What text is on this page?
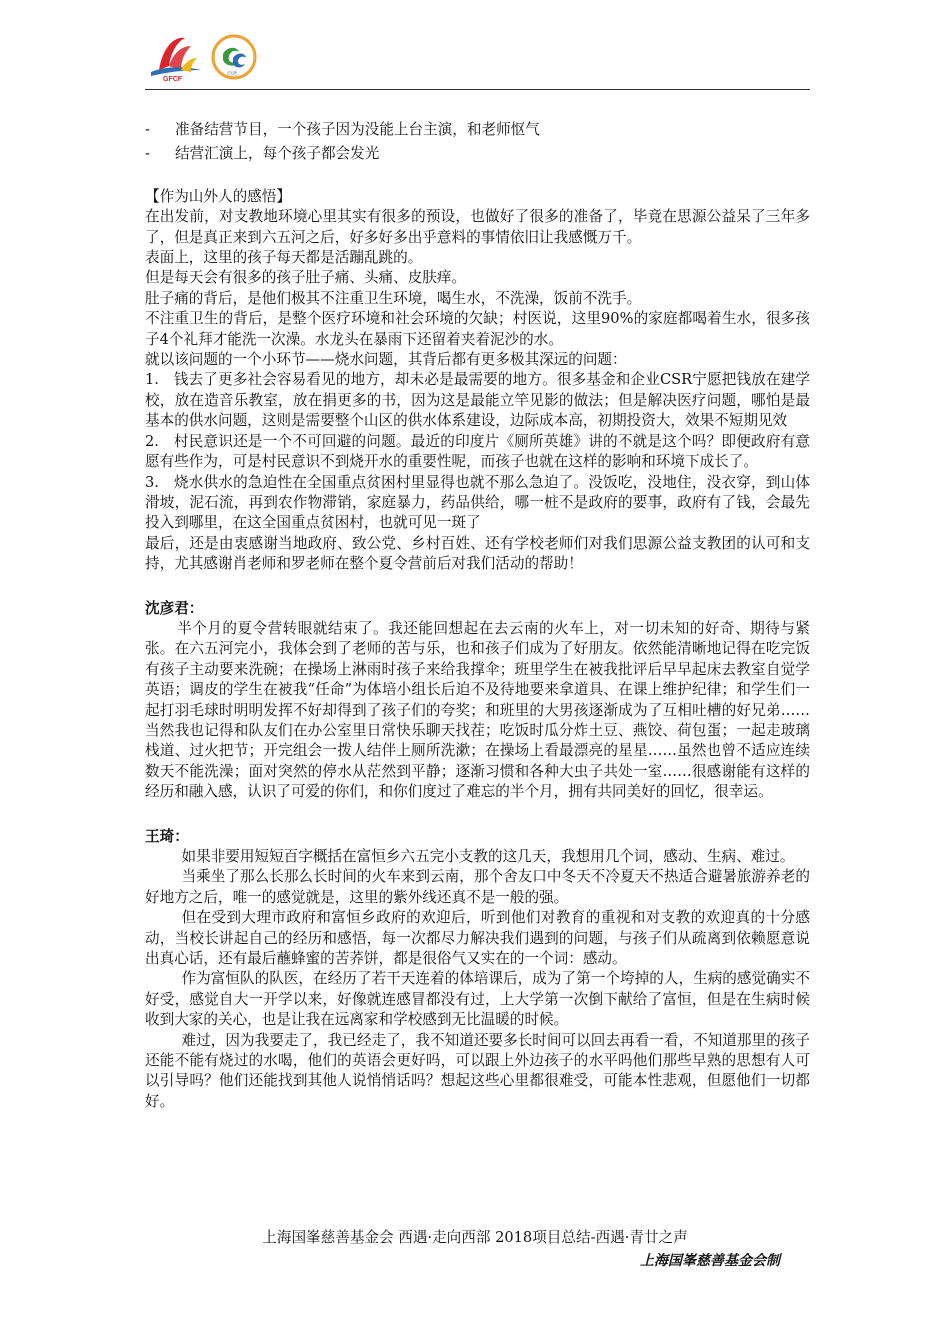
GFCF
西遇

- 准备结营节目，一个孩子因为没能上台主演，和老师怄气

- 结营汇演上，每个孩子都会发光

【作为山外人的感悟】

在出发前，对支教地环境心里其实有很多的预设，也做好了很多的准备了，毕竟在思源公益呆了三年多了，但是真正来到六五河之后，好多好多出乎意料的事情依旧让我感慨万千。

表面上，这里的孩子每天都是活蹦乱跳的。

但是每天会有很多的孩子肚子痛、头痛、皮肤痒。

肚子痛的背后，是他们极其不注重卫生环境，喝生水，不洗澡，饭前不洗手。

不注重卫生的背后，是整个医疗环境和社会环境的欠缺；村医说，这里90%的家庭都喝着生水，很多孩子4个礼拜才能洗一次澡。水龙头在暴雨下还留着夹着泥沙的水。

就以该问题的一个小环节——烧水问题，其背后都有更多极其深远的问题：

1.　钱去了更多社会容易看见的地方，却未必是最需要的地方。很多基金和企业CSR宁愿把钱放在建学校，放在造音乐教室，放在捐更多的书，因为这是最能立竿见影的做法；但是解决医疗问题，哪怕是最基本的供水问题，这则是需要整个山区的供水体系建设，边际成本高，初期投资大，效果不短期见效

2.　村民意识还是一个不可回避的问题。最近的印度片《厕所英雄》讲的不就是这个吗？即便政府有意愿有些作为，可是村民意识不到烧开水的重要性呢，而孩子也就在这样的影响和环境下成长了。

3.　烧水供水的急迫性在全国重点贫困村里显得也就不那么急迫了。没饭吃，没地住，没衣穿，到山体滑坡，泥石流，再到农作物滞销，家庭暴力，药品供给，哪一桩不是政府的要事，政府有了钱，会最先投入到哪里，在这全国重点贫困村，也就可见一斑了

最后，还是由衷感谢当地政府、致公党、乡村百姓、还有学校老师们对我们思源公益支教团的认可和支持，尤其感谢肖老师和罗老师在整个夏令营前后对我们活动的帮助！

沈彦君：

半个月的夏令营转眼就结束了。我还能回想起在去云南的火车上，对一切未知的好奇、期待与紧张。在六五河完小，我体会到了老师的苦与乐，也和孩子们成为了好朋友。依然能清晰地记得在吃完饭有孩子主动要来洗碗；在操场上淋雨时孩子来给我撑伞；班里学生在被我批评后早早起床去教室自觉学英语；调皮的学生在被我“任命”为体培小组长后迫不及待地要来拿道具、在课上维护纪律；和学生们一起打羽毛球时明明发挥不好却得到了孩子们的夸奖；和班里的大男孩逐渐成为了互相吐槽的好兄弟……当然我也记得和队友们在办公室里日常快乐聊天找茬；吃饭时瓜分炸土豆、燕饺、荷包蛋；一起走玻璃栈道、过火把节；开完组会一拨人结伴上厕所洗漱；在操场上看最漂亮的星星……虽然也曾不适应连续数天不能洗澡；面对突然的停水从茫然到平静；逐渐习惯和各种大虫子共处一室……很感谢能有这样的经历和融入感，认识了可爱的你们，和你们度过了难忘的半个月，拥有共同美好的回忆，很幸运。

王琦：

如果非要用短短百字概括在富恒乡六五完小支教的这几天，我想用几个词，感动、生病、难过。

当乘坐了那么长那么长时间的火车来到云南，那个舍友口中冬天不冷夏天不热适合避暑旅游养老的好地方之后，唯一的感觉就是，这里的紫外线还真不是一般的强。

但在受到大理市政府和富恒乡政府的欢迎后，听到他们对教育的重视和对支教的欢迎真的十分感动，当校长讲起自己的经历和感悟，每一次都尽力解决我们遇到的问题，与孩子们从疏离到依赖愿意说出真心话，还有最后蘸蜂蜜的苦荞饼，都是很俗气又实在的一个词：感动。

作为富恒队的队医，在经历了若干天连着的体培课后，成为了第一个垮掉的人，生病的感觉确实不好受，感觉自大一开学以来，好像就连感冒都没有过，上大学第一次倒下献给了富恒，但是在生病时候收到大家的关心，也是让我在远离家和学校感到无比温暖的时候。

难过，因为我要走了，我已经走了，我不知道还要多长时间可以回去再看一看，不知道那里的孩子还能不能有烧过的水喝，他们的英语会更好吗，可以跟上外边孩子的水平吗他们那些早熟的思想有人可以引导吗？他们还能找到其他人说悄悄话吗？想起这些心里都很难受，可能本性悲观，但愿他们一切都好。

上海国峯慈善基金会 西遇·走向西部 2018项目总结-西遇·青廿之声
上海国峯慈善基金会制
